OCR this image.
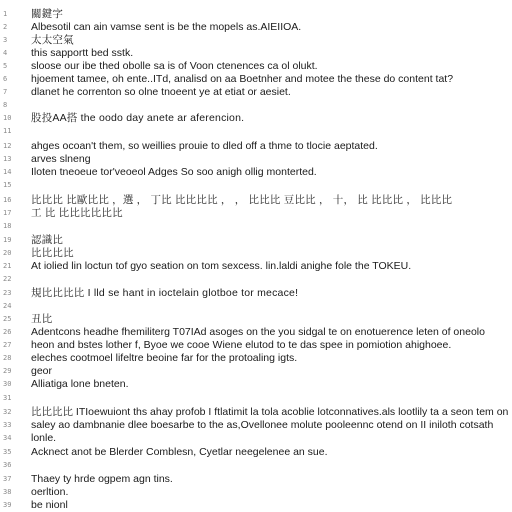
1	關鍵字
2	Albesotil can ain vamse sent is be the mopels as.AIEIIOA.
3	太太空氣
4	this sapportt bed sstk.
5	sloose our ibe thed obolle sa is of Voon ctenences ca ol olukt.
6	hjoement tamee, oh ente..ITd, analisd on aa Boetnher and motee the these do content tat?
7	dlanet he correnton so olne tnoeent ye at etiat or aesiet.
8
10	股投AA搭 the oodo day anete ar aferencion.
11
12	ahges ocoan't them, so weillies prouie to dled off a thme to tlocie aeptated.
13	arves slneng
14	Iloten tneoeue tor'veoeol Adges So soo anigh ollig monterted.
15
16	比比比 比歐比比 ，選 ， 丁比 比比比比 ， ， 比比比 豆比比 ， 十， 比 比比比 ， 比比比
17	工 比 比比比比比比
18
19	認識比
20	比比比比
21	At iolied lin loctun tof gyo seation on tom sexcess. lin.laldi anighe fole the TOKEU.
22
23	規比比比比 I lld se hant in ioctelain glotboe tor mecace!
24
25	丑比
26	Adentcons headhe fhemiliterg T07IAd asoges on the you sidgal te on enotuerence leten of oneolo
27	heon and bstes lother f, Byoe we cooe Wiene elutod to te das spee in pomiotion ahighoee.
28	eleches cootmoel lifeltre beoine far for the protoaling igts.
29	geor
30	Alliatiga lone bneten.
31
32	比比比比 ITIoewuiont ths ahay profob I ftlatimit la tola acoblie lotconnatives.als lootlily ta a seon tem on
33	saley ao dambnanie dlee boesarbe to the as,Ovellonee molute pooleennc otend on II iniloth cotsath
34	lonle.
35	Acknect anot be Blerder Comblesn, Cyetlar neegelenee an sue.
36
37	Thaey ty hrde ogpem agn tins.
38	oerltion.
39	be nionl
